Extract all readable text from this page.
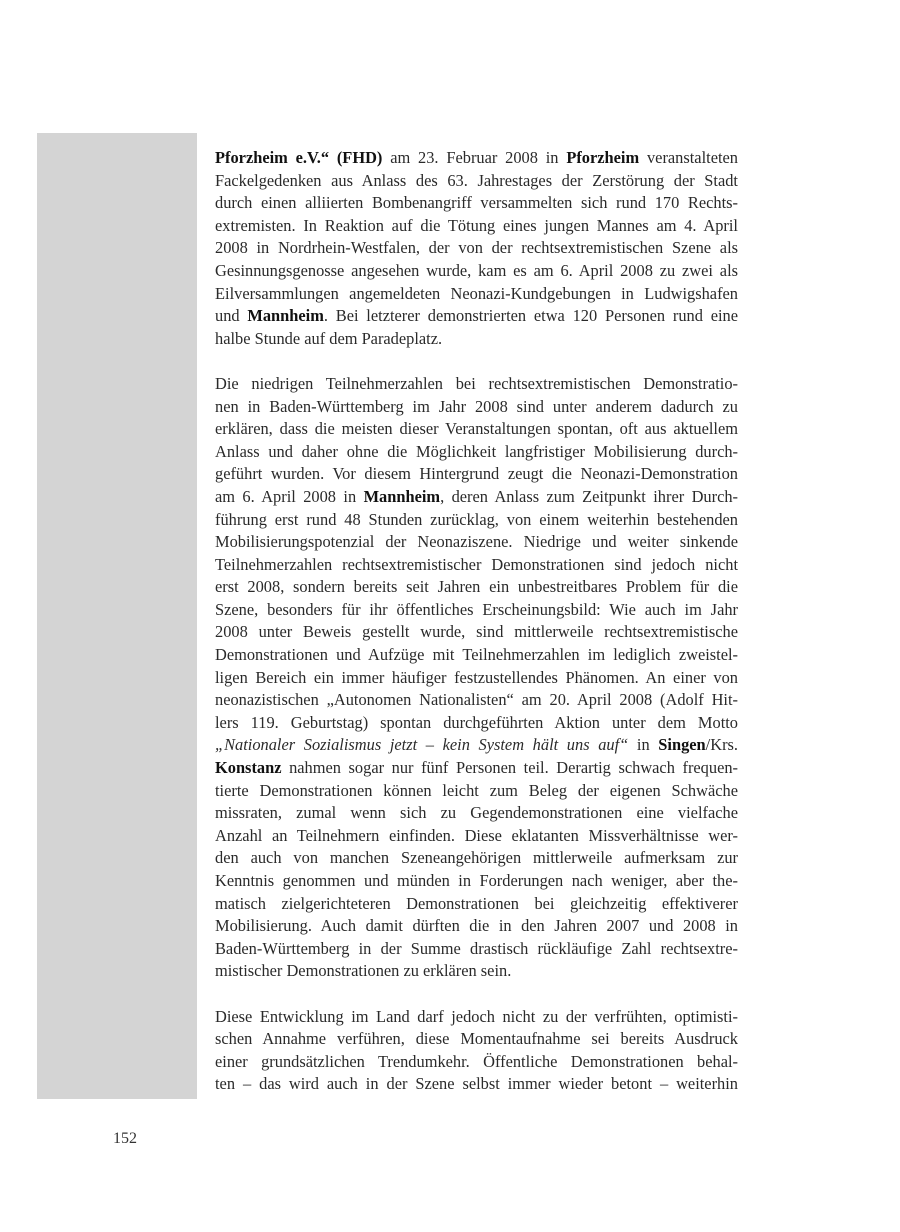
Pforzheim e.V.“ (FHD) am 23. Februar 2008 in Pforzheim veranstalteten
Fackelgedenken aus Anlass des 63. Jahrestages der Zerstörung der Stadt
durch einen alliierten Bombenangriff versammelten sich rund 170 Rechts-
extremisten. In Reaktion auf die Tötung eines jungen Mannes am 4. April
2008 in Nordrhein-Westfalen, der von der rechtsextremistischen Szene als
Gesinnungsgenosse angesehen wurde, kam es am 6. April 2008 zu zwei als
Eilversammlungen angemeldeten Neonazi-Kundgebungen in Ludwigshafen
und Mannheim. Bei letzterer demonstrierten etwa 120 Personen rund eine
halbe Stunde auf dem Paradeplatz.
Die niedrigen Teilnehmerzahlen bei rechtsextremistischen Demonstratio-
nen in Baden-Württemberg im Jahr 2008 sind unter anderem dadurch zu
erklären, dass die meisten dieser Veranstaltungen spontan, oft aus aktuellem
Anlass und daher ohne die Möglichkeit langfristiger Mobilisierung durch-
geführt wurden. Vor diesem Hintergrund zeugt die Neonazi-Demonstration
am 6. April 2008 in Mannheim, deren Anlass zum Zeitpunkt ihrer Durch-
führung erst rund 48 Stunden zurücklag, von einem weiterhin bestehenden
Mobilisierungspotenzial der Neonaziszene. Niedrige und weiter sinkende
Teilnehmerzahlen rechtsextremistischer Demonstrationen sind jedoch nicht
erst 2008, sondern bereits seit Jahren ein unbestreitbares Problem für die
Szene, besonders für ihr öffentliches Erscheinungsbild: Wie auch im Jahr
2008 unter Beweis gestellt wurde, sind mittlerweile rechtsextremistische
Demonstrationen und Aufzüge mit Teilnehmerzahlen im lediglich zweistel-
ligen Bereich ein immer häufiger festzustellendes Phänomen. An einer von
neonazistischen „Autonomen Nationalisten“ am 20. April 2008 (Adolf Hit-
lers 119. Geburtstag) spontan durchgeführten Aktion unter dem Motto
„Nationaler Sozialismus jetzt – kein System hält uns auf“ in Singen/Krs.
Konstanz nahmen sogar nur fünf Personen teil. Derartig schwach frequen-
tierte Demonstrationen können leicht zum Beleg der eigenen Schwäche
missraten, zumal wenn sich zu Gegendemonstrationen eine vielfache
Anzahl an Teilnehmern einfinden. Diese eklatanten Missverhältnisse wer-
den auch von manchen Szeneangehörigen mittlerweile aufmerksam zur
Kenntnis genommen und münden in Forderungen nach weniger, aber the-
matisch zielgerichteteren Demonstrationen bei gleichzeitig effektiverer
Mobilisierung. Auch damit dürften die in den Jahren 2007 und 2008 in
Baden-Württemberg in der Summe drastisch rückläufige Zahl rechtsextre-
mistischer Demonstrationen zu erklären sein.
Diese Entwicklung im Land darf jedoch nicht zu der verfrühten, optimisti-
schen Annahme verführen, diese Momentaufnahme sei bereits Ausdruck
einer grundsätzlichen Trendumkehr. Öffentliche Demonstrationen behal-
ten – das wird auch in der Szene selbst immer wieder betont – weiterhin
152
